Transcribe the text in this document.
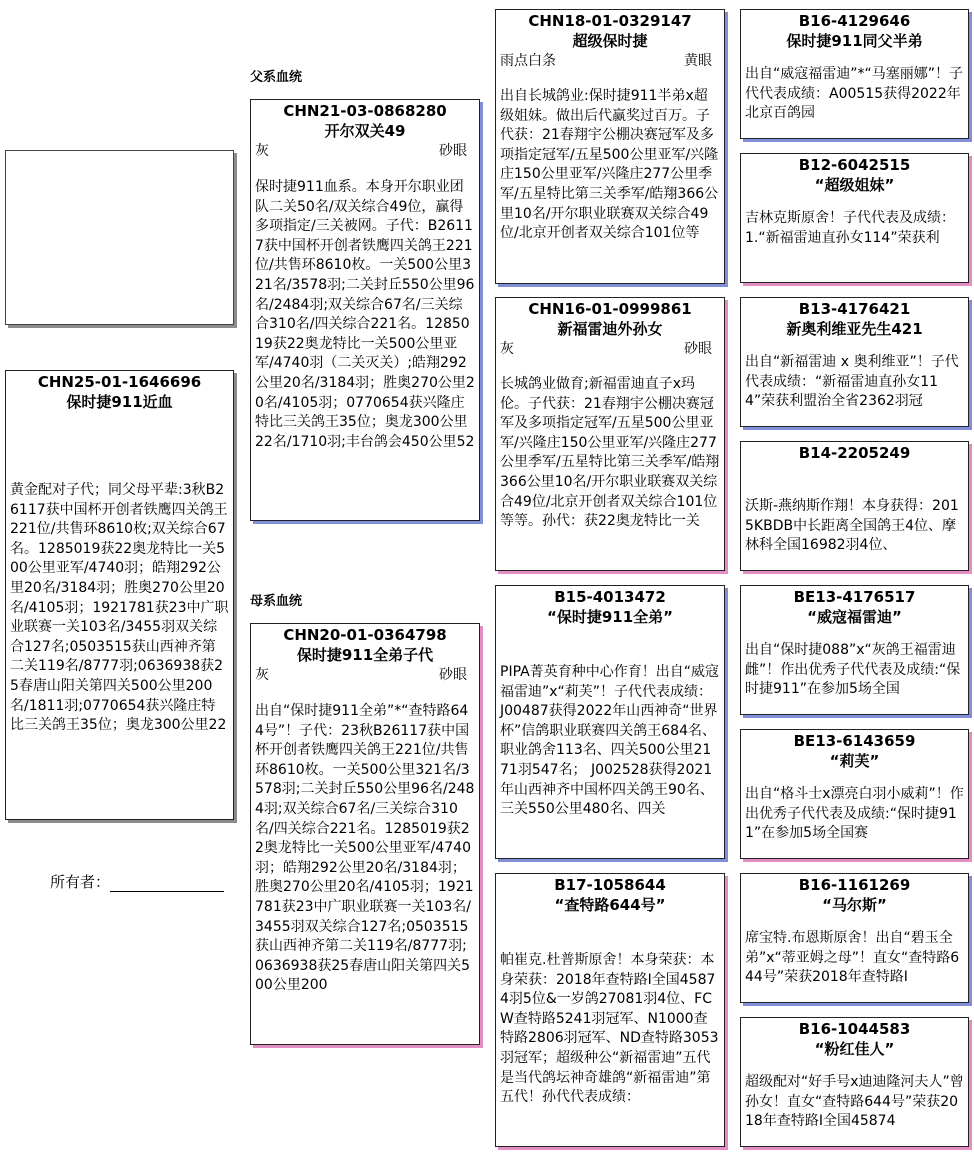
父系血统
母系血统
CHN25-01-1646696
保时捷911近血
黄金配对子代；同父母平辈:3秋B26117获中国杯开创者铁鹰四关鸽王221位/共售环8610枚;双关综合67名。1285019获22奥龙特比一关500公里亚军/4740羽；皓翔292公里20名/3184羽；胜奥270公里20名/4105羽；1921781获23中广职业联赛一关103名/3455羽双关综合127名;0503515获山西神齐第二关119名/8777羽;0636938获25春唐山阳关第四关500公里200名/1811羽;0770654获兴隆庄特比三关鸽王35位；奥龙300公里22
所有者：
CHN21-03-0868280
开尔双关49
灰	砂眼
保时捷911血系。本身开尔职业团队二关50名/双关综合49位，赢得多项指定/三关被网。子代：B26117获中国杯开创者铁鹰四关鸽王221位/共售环8610枚。一关500公里321名/3578羽;二关封丘550公里96名/2484羽;双关综合67名/三关综合310名/四关综合221名。1285019获22奥龙特比一关500公里亚军/4740羽（二关灭关）;皓翔292公里20名/3184羽；胜奥270公里20名/4105羽；0770654获兴隆庄特比三关鸽王35位；奥龙300公里22名/1710羽;丰台鸽会450公里52
CHN20-01-0364798
保时捷911全弟子代
灰	砂眼
出自“保时捷911全弟”*“查特路644号”！子代：23秋B26117获中国杯开创者铁鹰四关鸽王221位/共售环8610枚。一关500公里321名/3578羽;二关封丘550公里96名/2484羽;双关综合67名/三关综合310名/四关综合221名。1285019获22奥龙特比一关500公里亚军/4740羽；皓翔292公里20名/3184羽；胜奥270公里20名/4105羽；1921781获23中广职业联赛一关103名/3455羽双关综合127名;0503515获山西神齐第二关119名/8777羽;0636938获25春唐山阳关第四关500公里200
CHN18-01-0329147
超级保时捷
雨点白条	黄眼
出自长城鸽业:保时捷911半弟x超级姐妹。做出后代赢奖过百万。子代获：21春翔宇公棚决赛冠军及多项指定冠军/五星500公里亚军/兴隆庄150公里亚军/兴隆庄277公里季军/五星特比第三关季军/皓翔366公里10名/开尔职业联赛双关综合49位/北京开创者双关综合101位等
CHN16-01-0999861
新福雷迪外孙女
灰	砂眼
长城鸽业做育;新福雷迪直子x玛伦。子代获：21春翔宇公棚决赛冠军及多项指定冠军/五星500公里亚军/兴隆庄150公里亚军/兴隆庄277公里季军/五星特比第三关季军/皓翔366公里10名/开尔职业联赛双关综合49位/北京开创者双关综合101位等等。孙代：获22奥龙特比一关
B15-4013472
“保时捷911全弟”
PIPA菁英育种中心作育！出自“威寇福雷迪”x“莉芙”！子代代表成绩： J00487获得2022年山西神奇“世界杯”信鸽职业联赛四关鸽王684名、职业鸽舍113名、四关500公里2171羽547名； J002528获得2021年山西神齐中国杯四关鸽王90名、三关550公里480名、四关
B17-1058644
“查特路644号”
帕崔克.杜普斯原舍！本身荣获：本身荣获：2018年查特路I全国45874羽5位&一岁鸽27081羽4位、FCW查特路5241羽冠军、N1000查特路2806羽冠军、ND查特路3053羽冠军；超级种公“新福雷迪”五代是当代鸽坛神奇雄鸽“新福雷迪”第五代！孙代代表成绩：
B16-4129646
保时捷911同父半弟
出自“威寇福雷迪”*“马塞丽娜”！子代代表成绩：A00515获得2022年北京百鸽园
B12-6042515
“超级姐妹”
吉林克斯原舍！子代代表及成绩：1.“新福雷迪直孙女114”荣获利
B13-4176421
新奥利维亚先生421
出自“新福雷迪 x 奥利维亚”！子代代表成绩：“新福雷迪直孙女114”荣获利盟治全省2362羽冠
B14-2205249
沃斯-燕纳斯作翔！本身获得：2015KBDB中长距离全国鸽王4位、摩林科全国16982羽4位、
BE13-4176517
“威寇福雷迪”
出自“保时捷088”x“灰鸽王福雷迪雌”！作出优秀子代代表及成绩:“保时捷911”在参加5场全国
BE13-6143659
“莉芙”
出自“格斗士x漂亮白羽小威莉”！作出优秀子代代表及成绩:“保时捷911”在参加5场全国赛
B16-1161269
“马尔斯”
席宝特.布恩斯原舍！出自“碧玉全弟”x“蒂亚姆之母”！直女“查特路644号”荣获2018年查特路I
B16-1044583
“粉红佳人”
超级配对“好手号x迪迪隆河夫人”曾孙女！直女“查特路644号”荣获2018年查特路I全国45874
